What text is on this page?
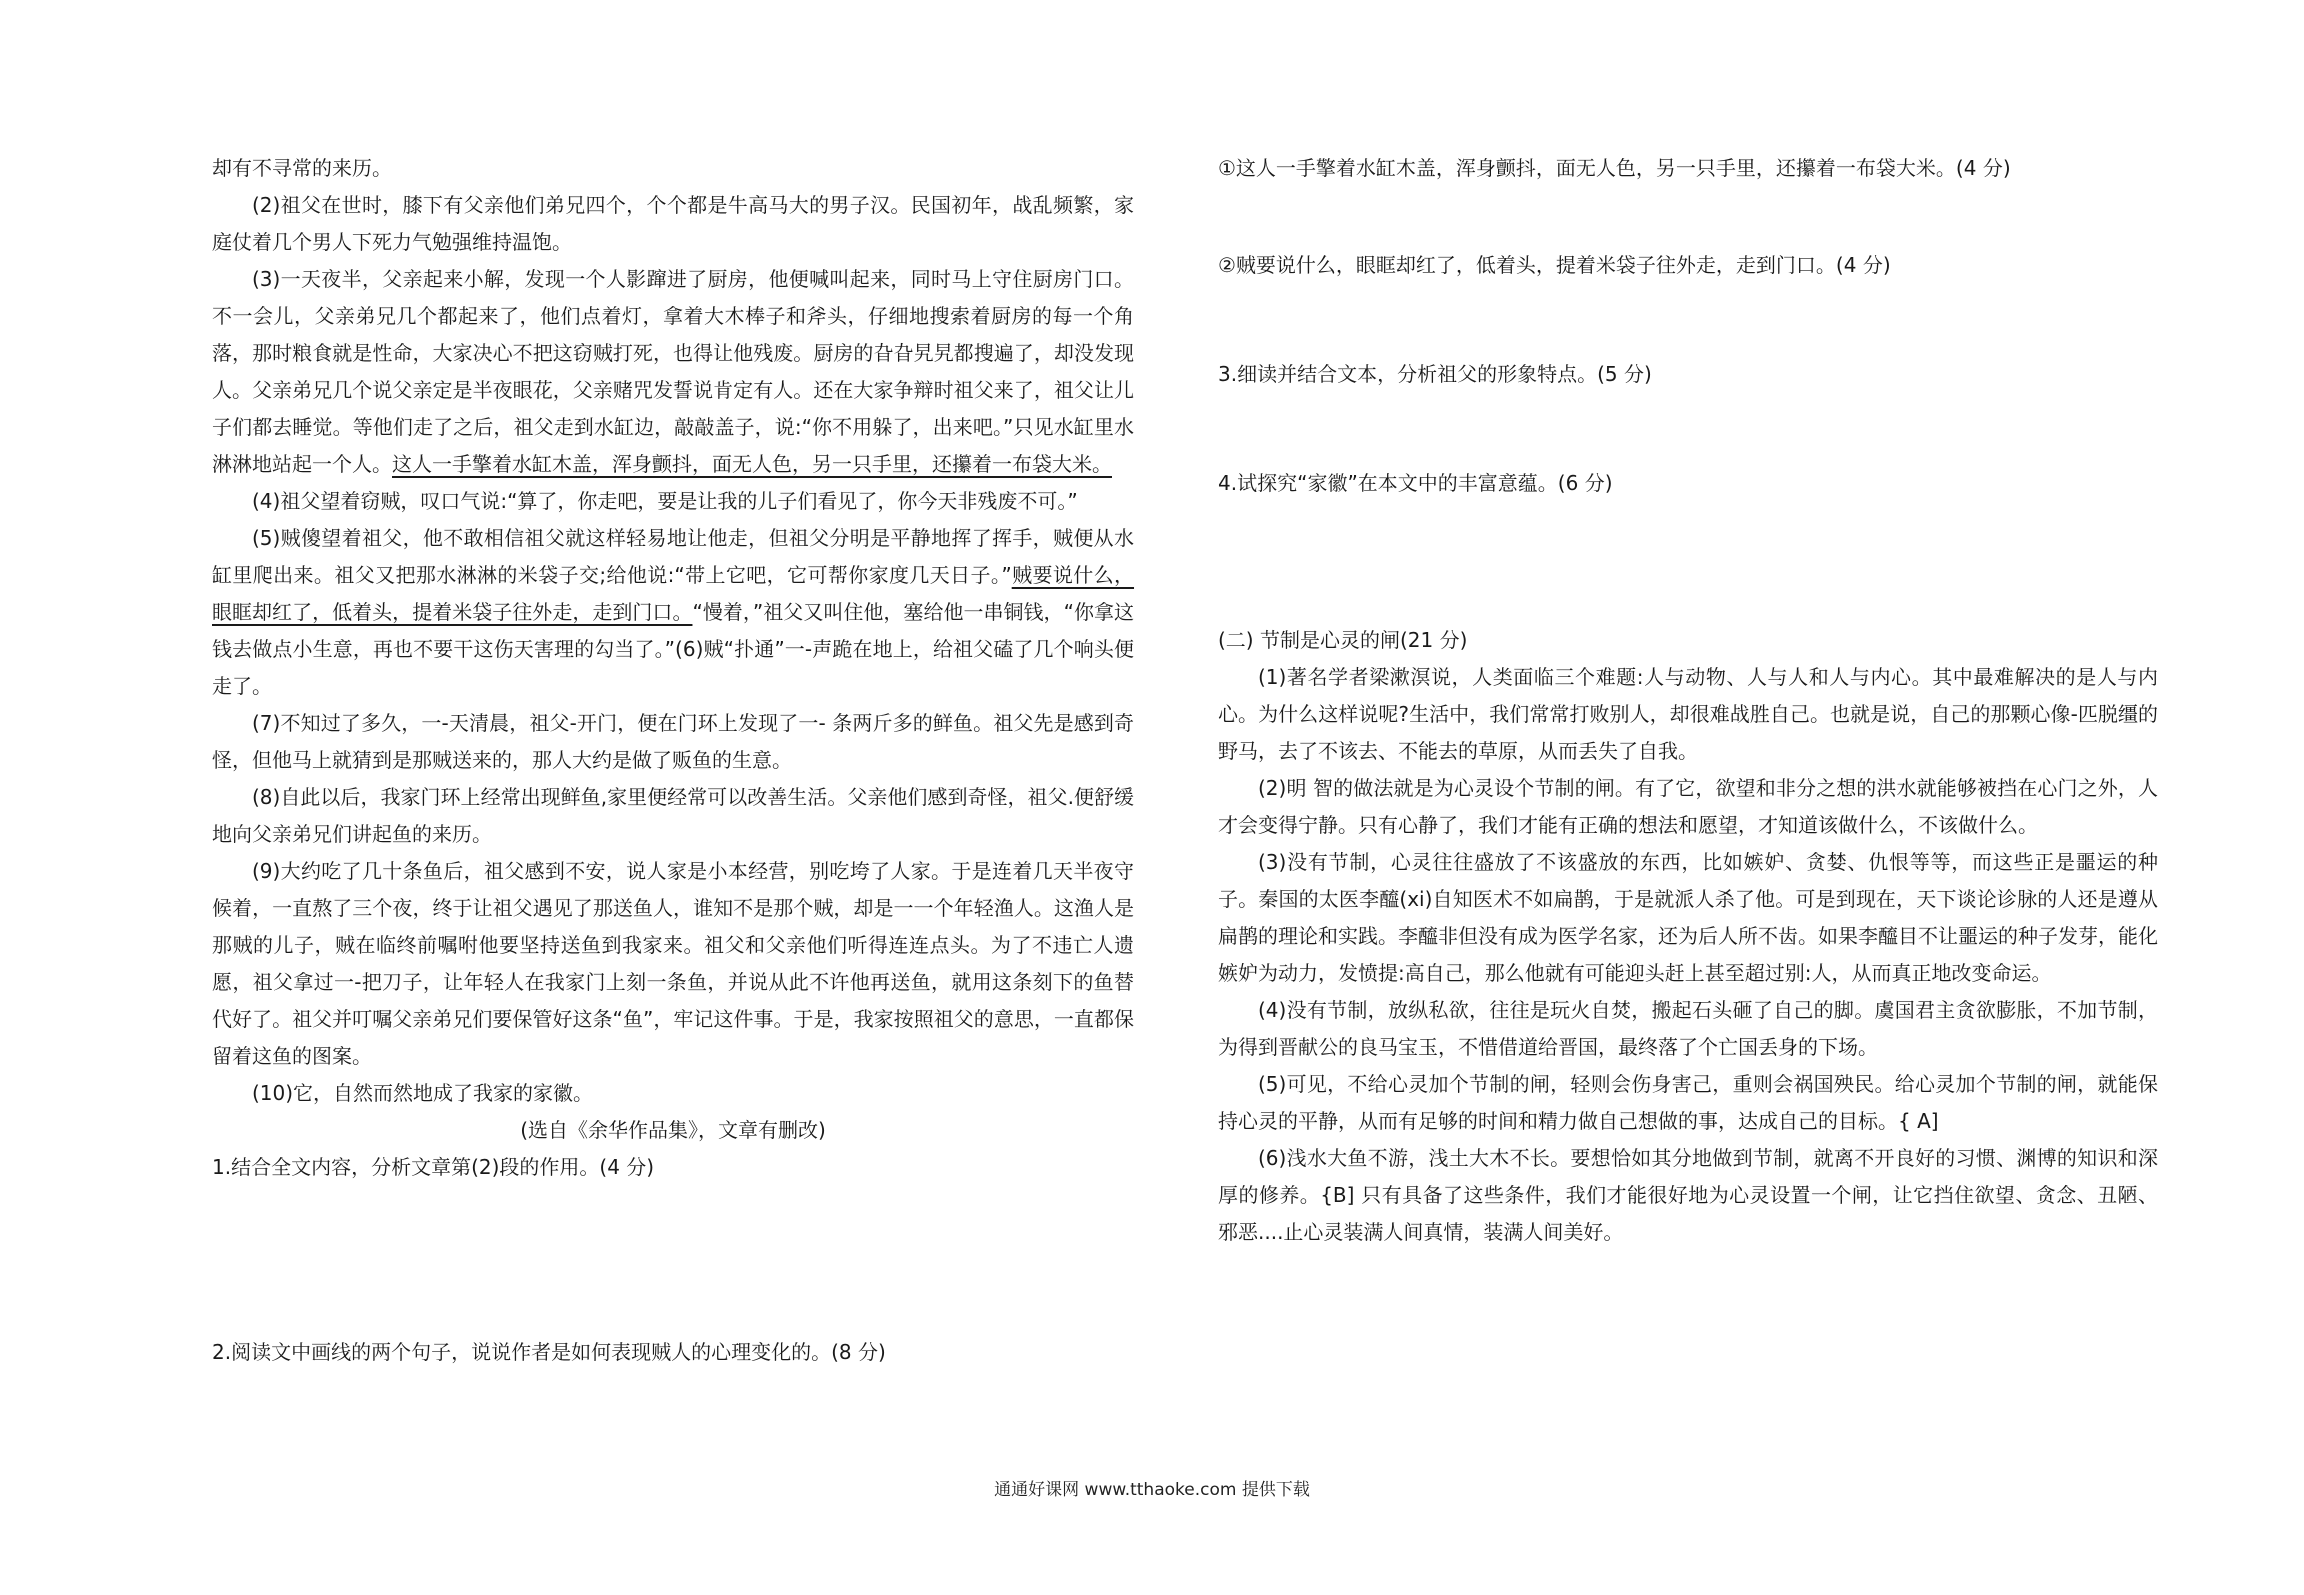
却有不寻常的来历。

(2)祖父在世时，膝下有父亲他们弟兄四个，个个都是牛高马大的男子汉。民国初年，战乱频繁，家庭仗着几个男人下死力气勉强维持温饱。

(3)一天夜半，父亲起来小解，发现一个人影蹿进了厨房，他便喊叫起来，同时马上守住厨房门口。不一会儿，父亲弟兄几个都起来了，他们点着灯，拿着大木棒子和斧头，仔细地搜索着厨房的每一个角落，那时粮食就是性命，大家决心不把这窃贼打死，也得让他残废。厨房的旮旮旯旯都搜遍了，却没发现人。父亲弟兄几个说父亲定是半夜眼花，父亲赌咒发誓说肯定有人。还在大家争辩时祖父来了，祖父让儿子们都去睡觉。等他们走了之后，祖父走到水缸边，敲敲盖子，说:“你不用躲了，出来吧。”只见水缸里水淋淋地站起一个人。这人一手擎着水缸木盖，浑身颤抖，面无人色，另一只手里，还攥着一布袋大米。

(4)祖父望着窃贼，叹口气说:“算了，你走吧，要是让我的儿子们看见了，你今天非残废不可。”

(5)贼傻望着祖父，他不敢相信祖父就这样轻易地让他走，但祖父分明是平静地挥了挥手，贼便从水缸里爬出来。祖父又把那水淋淋的米袋子交;给他说:“带上它吧，它可帮你家度几天日子。”贼要说什么，眼眶却红了，低着头，提着米袋子往外走，走到门口。“慢着，”祖父又叫住他，塞给他一串铜钱，“你拿这钱去做点小生意，再也不要干这伤天害理的勾当了。”(6)贼“扑通”一-声跪在地上，给祖父磕了几个响头便走了。

(7)不知过了多久，一-天清晨，祖父-开门，便在门环上发现了一- 条两斤多的鲜鱼。祖父先是感到奇怪，但他马上就猜到是那贼送来的，那人大约是做了贩鱼的生意。

(8)自此以后，我家门环上经常出现鲜鱼,家里便经常可以改善生活。父亲他们感到奇怪，祖父.便舒缓地向父亲弟兄们讲起鱼的来历。

(9)大约吃了几十条鱼后，祖父感到不安，说人家是小本经营，别吃垮了人家。于是连着几天半夜守候着，一直熬了三个夜，终于让祖父遇见了那送鱼人，谁知不是那个贼，却是一一个年轻渔人。这渔人是那贼的儿子，贼在临终前嘱咐他要坚持送鱼到我家来。祖父和父亲他们听得连连点头。为了不违亡人遗愿，祖父拿过一-把刀子，让年轻人在我家门上刻一条鱼，并说从此不许他再送鱼，就用这条刻下的鱼替代好了。祖父并叮嘱父亲弟兄们要保管好这条“鱼”，牢记这件事。于是，我家按照祖父的意思，一直都保留着这鱼的图案。

(10)它，自然而然地成了我家的家徽。

(选自《余华作品集》，文章有删改)

1.结合全文内容，分析文章第(2)段的作用。(4 分)

2.阅读文中画线的两个句子，说说作者是如何表现贼人的心理变化的。(8 分)

①这人一手擎着水缸木盖，浑身颤抖，面无人色，另一只手里，还攥着一布袋大米。(4 分)

②贼要说什么，眼眶却红了，低着头，提着米袋子往外走，走到门口。(4 分)

3.细读并结合文本，分析祖父的形象特点。(5 分)

4.试探究“家徽”在本文中的丰富意蕴。(6 分)

(二) 节制是心灵的闸(21 分)

(1)著名学者梁漱溟说，人类面临三个难题:人与动物、人与人和人与内心。其中最难解决的是人与内心。为什么这样说呢?生活中，我们常常打败别人，却很难战胜自己。也就是说，自己的那颗心像-匹脱缰的野马，去了不该去、不能去的草原，从而丢失了自我。

(2)明 智的做法就是为心灵设个节制的闸。有了它，欲望和非分之想的洪水就能够被挡在心门之外，人才会变得宁静。只有心静了，我们才能有正确的想法和愿望，才知道该做什么，不该做什么。

(3)没有节制，心灵往往盛放了不该盛放的东西，比如嫉妒、贪婪、仇恨等等，而这些正是噩运的种子。秦国的太医李醯(xi)自知医术不如扁鹊，于是就派人杀了他。可是到现在，天下谈论诊脉的人还是遵从扁鹊的理论和实践。李醯非但没有成为医学名家，还为后人所不齿。如果李醯目不让噩运的种子发芽，能化嫉妒为动力，发愤提:高自己，那么他就有可能迎头赶上甚至超过别:人，从而真正地改变命运。

(4)没有节制，放纵私欲，往往是玩火自焚，搬起石头砸了自己的脚。虞国君主贪欲膨胀，不加节制，为得到晋献公的良马宝玉，不惜借道给晋国，最终落了个亡国丢身的下场。

(5)可见，不给心灵加个节制的闸，轻则会伤身害己，重则会祸国殃民。给心灵加个节制的闸，就能保持心灵的平静，从而有足够的时间和精力做自己想做的事，达成自己的目标。{ A]

(6)浅水大鱼不游，浅土大木不长。要想恰如其分地做到节制，就离不开良好的习惯、渊博的知识和深厚的修养。{B] 只有具备了这些条件，我们才能很好地为心灵设置一个闸，让它挡住欲望、贪念、丑陋、邪恶....止心灵装满人间真情，装满人间美好。

通通好课网 www.tthaoke.com 提供下载
